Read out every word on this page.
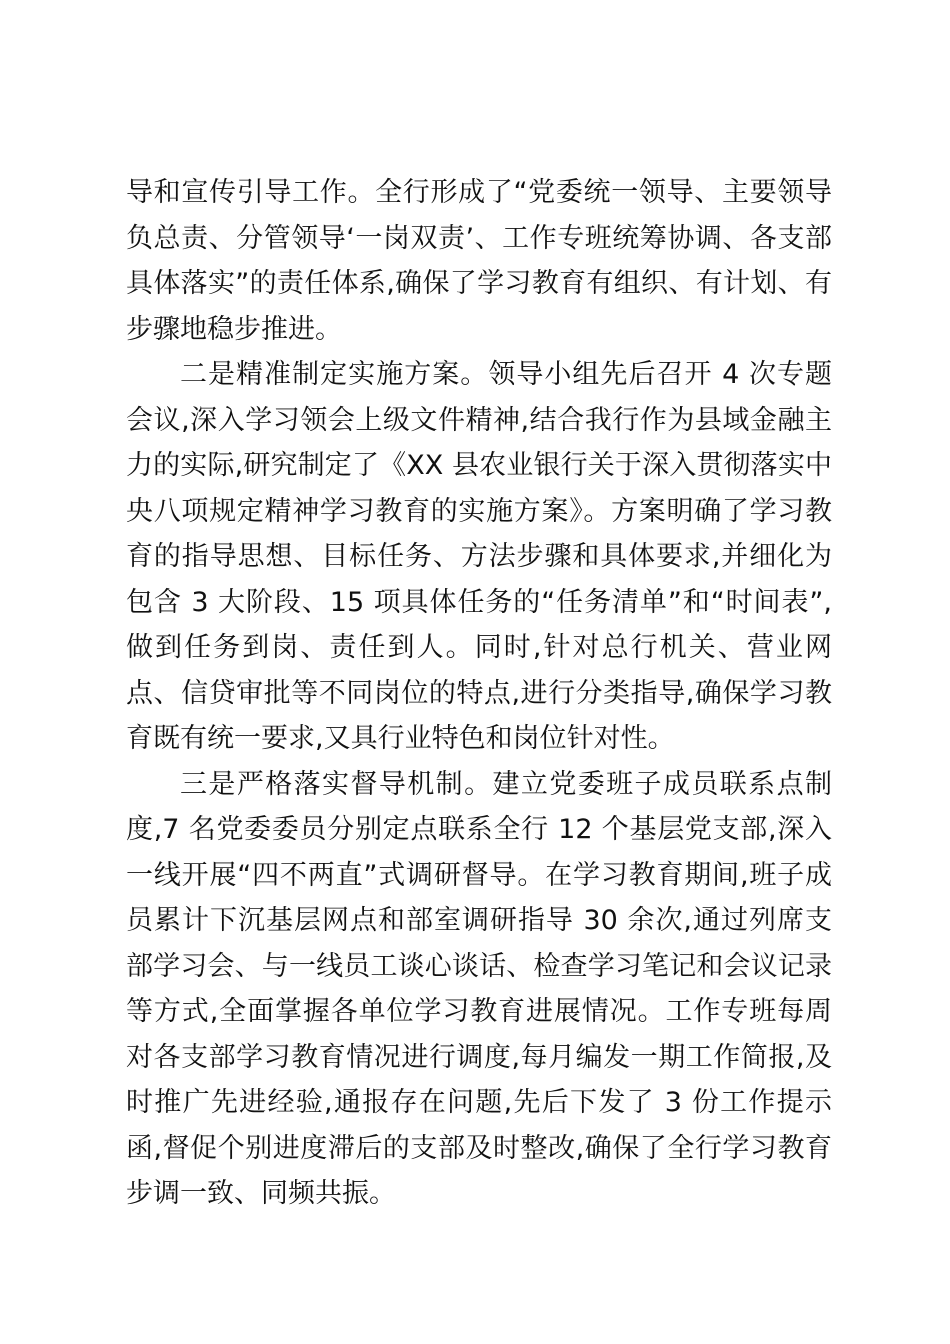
导和宣传引导工作。全行形成了“党委统一领导、主要领导负总责、分管领导‘一岗双责’、工作专班统筹协调、各支部具体落实”的责任体系,确保了学习教育有组织、有计划、有步骤地稳步推进。

二是精准制定实施方案。领导小组先后召开 4 次专题会议,深入学习领会上级文件精神,结合我行作为县域金融主力的实际,研究制定了《XX 县农业银行关于深入贯彻落实中央八项规定精神学习教育的实施方案》。方案明确了学习教育的指导思想、目标任务、方法步骤和具体要求,并细化为包含 3 大阶段、15 项具体任务的“任务清单”和“时间表”,做到任务到岗、责任到人。同时,针对总行机关、营业网点、信贷审批等不同岗位的特点,进行分类指导,确保学习教育既有统一要求,又具行业特色和岗位针对性。

三是严格落实督导机制。建立党委班子成员联系点制度,7 名党委委员分别定点联系全行 12 个基层党支部,深入一线开展“四不两直”式调研督导。在学习教育期间,班子成员累计下沉基层网点和部室调研指导 30 余次,通过列席支部学习会、与一线员工谈心谈话、检查学习笔记和会议记录等方式,全面掌握各单位学习教育进展情况。工作专班每周对各支部学习教育情况进行调度,每月编发一期工作简报,及时推广先进经验,通报存在问题,先后下发了 3 份工作提示函,督促个别进度滞后的支部及时整改,确保了全行学习教育步调一致、同频共振。
